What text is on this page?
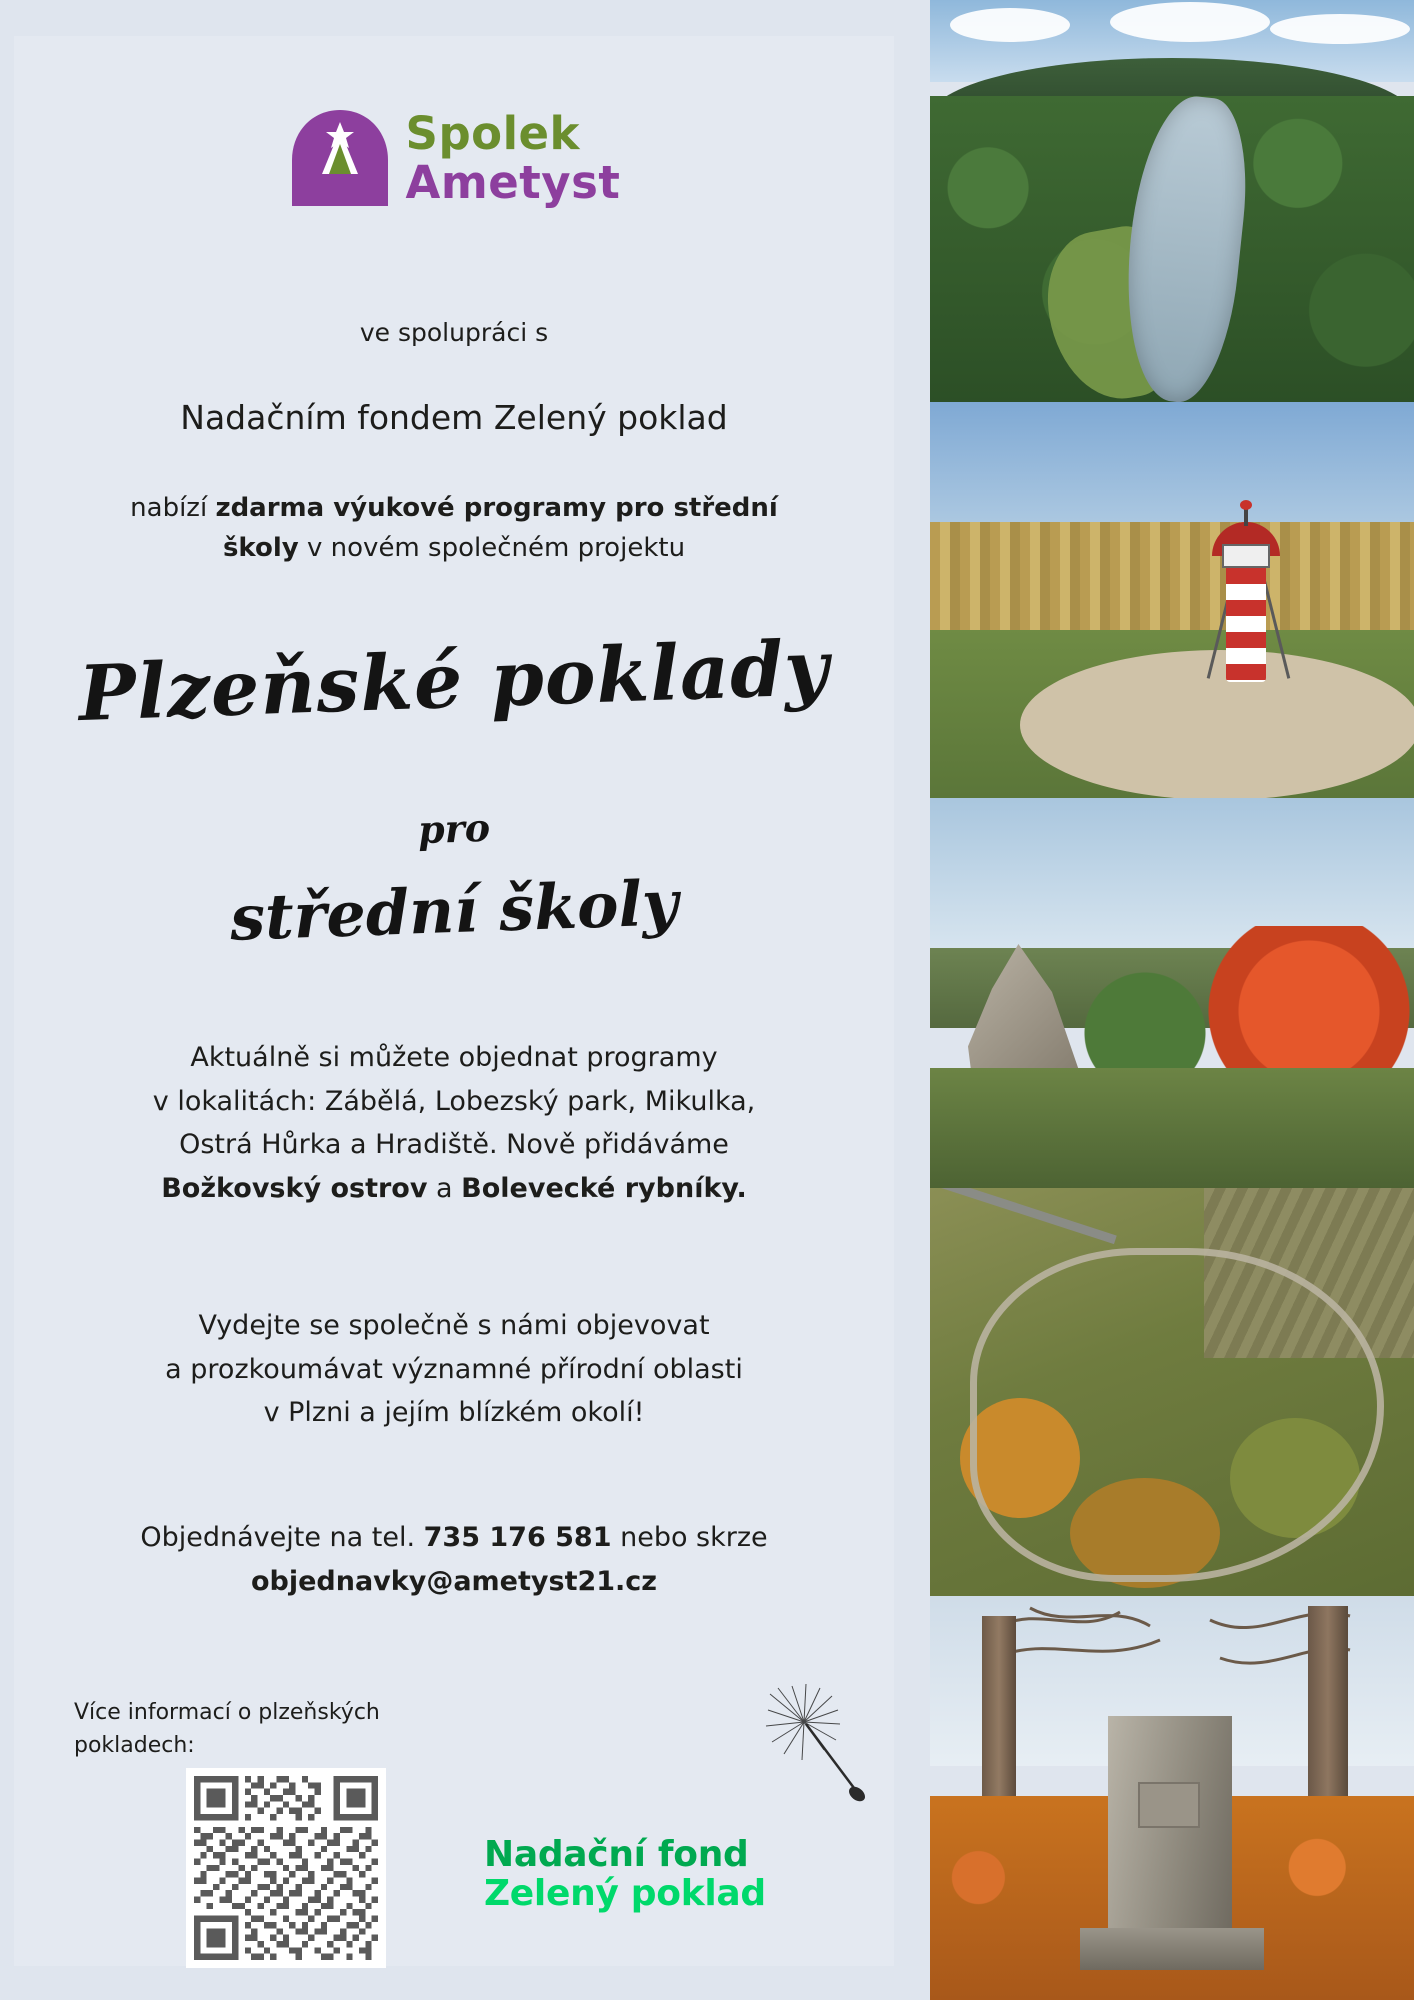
Spolek
Ametyst
ve spolupráci s
Nadačním fondem Zelený poklad
nabízí zdarma výukové programy pro střední
školy v novém společném projektu
Plzeňské poklady
pro
střední školy
Aktuálně si můžete objednat programy
v lokalitách: Zábělá, Lobezský park, Mikulka,
Ostrá Hůrka a Hradiště. Nově přidáváme
Božkovský ostrov a Bolevecké rybníky.
Vydejte se společně s námi objevovat
a prozkoumávat významné přírodní oblasti
v Plzni a jejím blízkém okolí!
Objednávejte na tel. 735 176 581 nebo skrze
objednavky@ametyst21.cz
Více informací o plzeňských
pokladech:
Nadační fond
Zelený poklad
